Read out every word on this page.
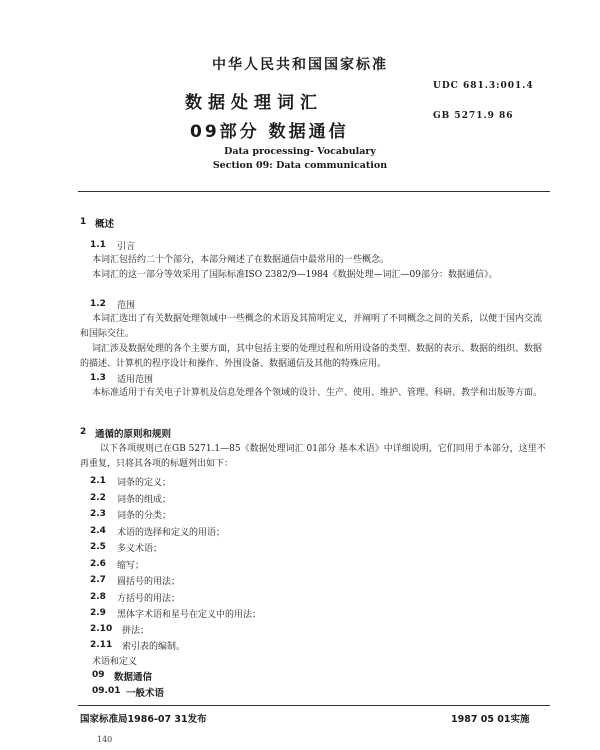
中华人民共和国国家标准
数据处理词汇
09部分 数据通信
UDC 681.3:001.4
GB 5271.9 86
Data processing- Vocabulary
Section 09: Data communication
1 概述
1.1 引言
本词汇包括约二十个部分，本部分阐述了在数据通信中最常用的一些概念。
本词汇的这一部分等效采用了国际标准ISO 2382/9—1984《数据处理—词汇—09部分：数据通信》。
1.2 范围
本词汇选出了有关数据处理领域中一些概念的术语及其简明定义，并阐明了不同概念之间的关系，以便于国内交流和国际交往。
词汇涉及数据处理的各个主要方面，其中包括主要的处理过程和所用设备的类型、数据的表示、数据的组织、数据的描述、计算机的程序设计和操作、外围设备、数据通信及其他的特殊应用。
1.3 适用范围
本标准适用于有关电子计算机及信息处理各个领域的设计、生产、使用、维护、管理、科研、教学和出版等方面。
2 通循的原则和规则
以下各项规则已在GB 5271.1—85《数据处理词汇 01部分 基本术语》中详细说明，它们同用于本部分，这里不再重复，只将其各项的标题列出如下：
2.1 词条的定义；
2.2 词条的组成；
2.3 词条的分类；
2.4 术语的选择和定义的用语；
2.5 多义术语；
2.6 缩写；
2.7 圆括号的用法；
2.8 方括号的用法；
2.9 黑体字术语和星号在定义中的用法；
2.10 拼法；
2.11 索引表的编制。
术语和定义
09 数据通信
09.01 一般术语
国家标准局1986-07 31发布	1987 05 01实施
140
